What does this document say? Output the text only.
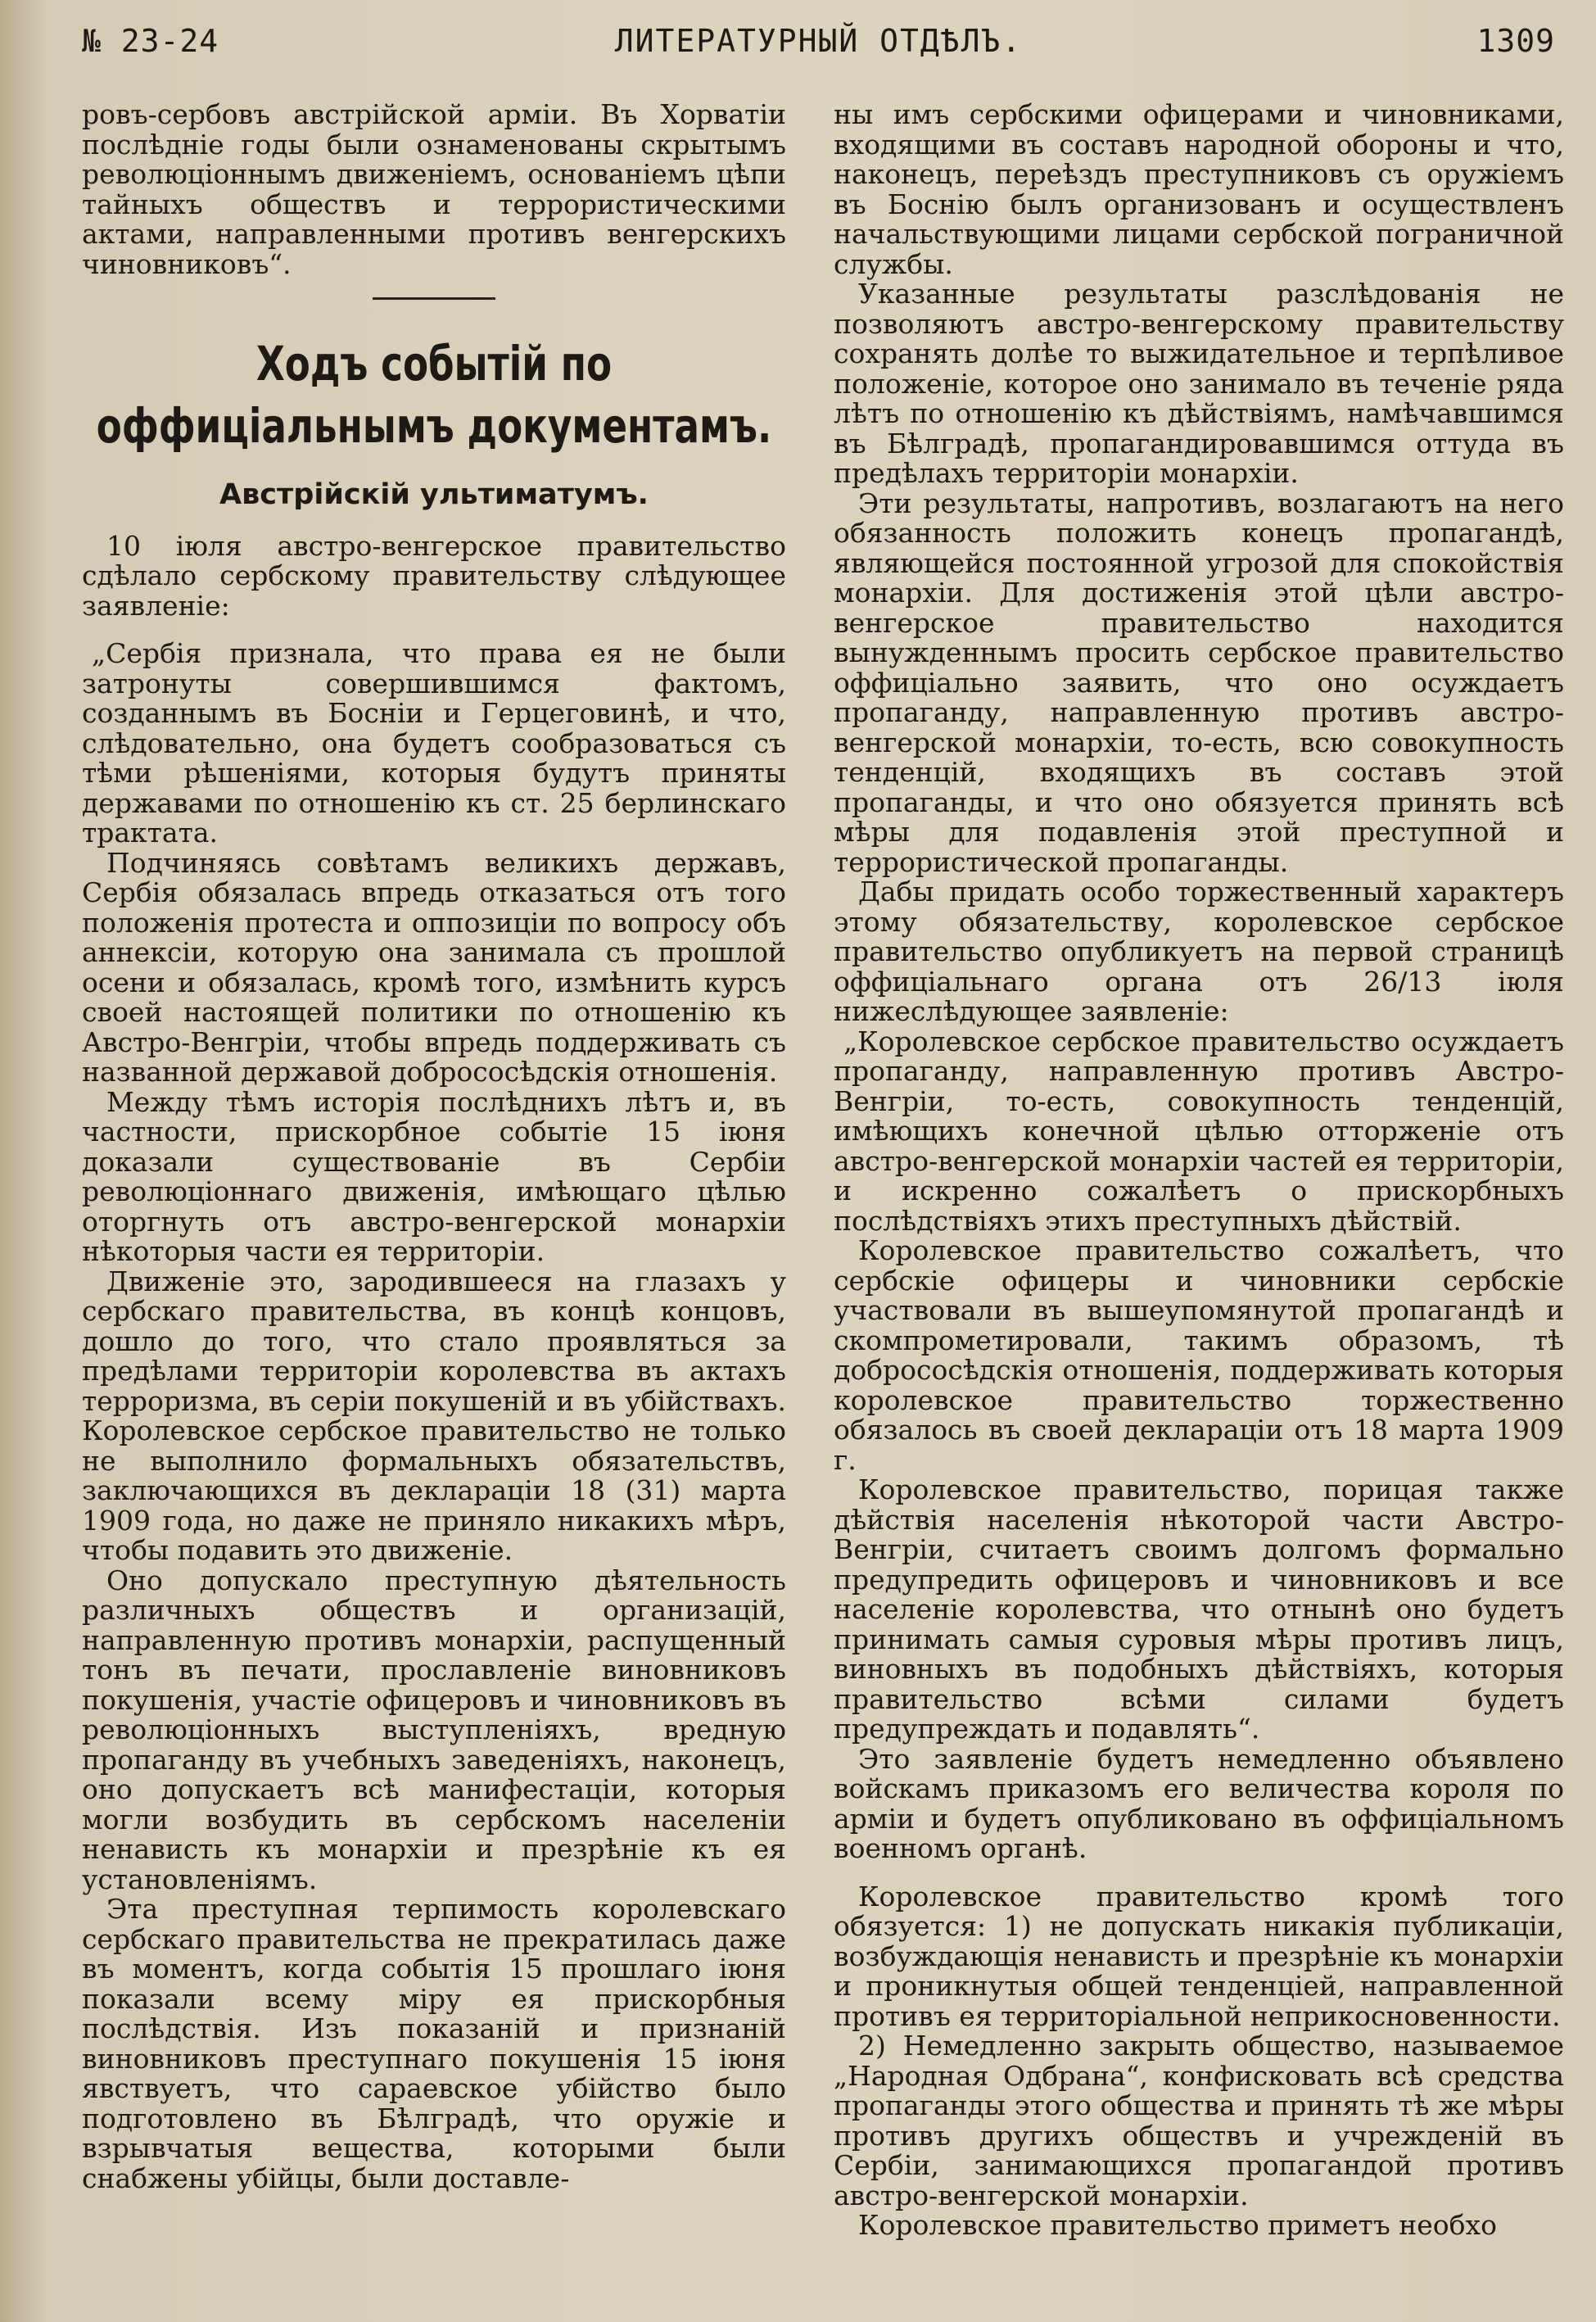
№ 23-24	ЛИТЕРАТУРНЫЙ ОТДѢЛЪ.	1309

ровъ-сербовъ австрійской арміи. Въ Хорватіи послѣдніе годы были ознаменованы скрытымъ революціоннымъ движеніемъ, основаніемъ цѣпи тайныхъ обществъ и террористическими актами, направленными противъ венгерскихъ чиновниковъ“.

Ходъ событій по оффиціальнымъ документамъ.
Австрійскій ультиматумъ.

10 іюля австро-венгерское правительство сдѣлало сербскому правительству слѣдующее заявленіе:

„Сербія признала, что права ея не были затронуты совершившимся фактомъ, созданнымъ въ Босніи и Герцеговинѣ, и что, слѣдовательно, она будетъ сообразоваться съ тѣми рѣшеніями, которыя будутъ приняты державами по отношенію къ ст. 25 берлинскаго трактата.

Подчиняясь совѣтамъ великихъ державъ, Сербія обязалась впредь отказаться отъ того положенія протеста и оппозиціи по вопросу объ аннексіи, которую она занимала съ прошлой осени и обязалась, кромѣ того, измѣнить курсъ своей настоящей политики по отношенію къ Австро-Венгріи, чтобы впредь поддерживать съ названной державой добрососѣдскія отношенія.

Между тѣмъ исторія послѣднихъ лѣтъ и, въ частности, прискорбное событіе 15 іюня доказали существованіе въ Сербіи революціоннаго движенія, имѣющаго цѣлью оторгнуть отъ австро-венгерской монархіи нѣкоторыя части ея территоріи.

Движеніе это, зародившееся на глазахъ у сербскаго правительства, въ концѣ концовъ, дошло до того, что стало проявляться за предѣлами территоріи королевства въ актахъ терроризма, въ серіи покушеній и въ убійствахъ. Королевское сербское правительство не только не выполнило формальныхъ обязательствъ, заключающихся въ декларацiи 18 (31) марта 1909 года, но даже не приняло никакихъ мѣръ, чтобы подавить это движеніе.

Оно допускало преступную дѣятельность различныхъ обществъ и организацій, направленную противъ монархіи, распущенный тонъ въ печати, прославленіе виновниковъ покушенія, участіе офицеровъ и чиновниковъ въ революціонныхъ выступленіяхъ, вредную пропаганду въ учебныхъ заведеніяхъ, наконецъ, оно допускаетъ всѣ манифестаціи, которыя могли возбудить въ сербскомъ населеніи ненависть къ монархіи и презрѣніе къ ея установленіямъ.

Эта преступная терпимость королевскаго сербскаго правительства не прекратилась даже въ моментъ, когда событія 15 прошлаго іюня показали всему міру ея прискорбныя послѣдствія. Изъ показаній и признаній виновниковъ преступнаго покушенія 15 іюня явствуетъ, что сараевское убійство было подготовлено въ Бѣлградѣ, что оружіе и взрывчатыя вещества, которыми были снабжены убійцы, были доставле-

ны имъ сербскими офицерами и чиновниками, входящими въ составъ народной обороны и что, наконецъ, переѣздъ преступниковъ съ оружіемъ въ Боснію былъ организованъ и осуществленъ начальствующими лицами сербской пограничной службы.

Указанные результаты разслѣдованія не позволяютъ австро-венгерскому правительству сохранять долѣе то выжидательное и терпѣливое положеніе, которое оно занимало въ теченіе ряда лѣтъ по отношенію къ дѣйствіямъ, намѣчавшимся въ Бѣлградѣ, пропагандировавшимся оттуда въ предѣлахъ территоріи монархіи.

Эти результаты, напротивъ, возлагаютъ на него обязанность положить конецъ пропагандѣ, являющейся постоянной угрозой для спокойствія монархіи. Для достиженія этой цѣли австро-венгерское правительство находится вынужденнымъ просить сербское правительство оффиціально заявить, что оно осуждаетъ пропаганду, направленную противъ австро-венгерской монархіи, то-есть, всю совокупность тенденцій, входящихъ въ составъ этой пропаганды, и что оно обязуется принять всѣ мѣры для подавленія этой преступной и террористической пропаганды.

Дабы придать особо торжественный характеръ этому обязательству, королевское сербское правительство опубликуетъ на первой страницѣ оффиціальнаго органа отъ 26/13 іюля нижеслѣдующее заявленіе:

„Королевское сербское правительство осуждаетъ пропаганду, направленную противъ Австро-Венгріи, то-есть, совокупность тенденцій, имѣющихъ конечной цѣлью отторженіе отъ австро-венгерской монархіи частей ея территоріи, и искренно сожалѣетъ о прискорбныхъ послѣдствіяхъ этихъ преступныхъ дѣйствій.

Королевское правительство сожалѣетъ, что сербскіе офицеры и чиновники сербскіе участвовали въ вышеупомянутой пропагандѣ и скомпрометировали, такимъ образомъ, тѣ добрососѣдскія отношенія, поддерживать которыя королевское правительство торжественно обязалось въ своей декларацiи отъ 18 марта 1909 г.

Королевское правительство, порицая также дѣйствія населенія нѣкоторой части Австро-Венгріи, считаетъ своимъ долгомъ формально предупредить офицеровъ и чиновниковъ и все населеніе королевства, что отнынѣ оно будетъ принимать самыя суровыя мѣры противъ лицъ, виновныхъ въ подобныхъ дѣйствіяхъ, которыя правительство всѣми силами будетъ предупреждать и подавлять“.

Это заявленіе будетъ немедленно объявлено войскамъ приказомъ его величества короля по арміи и будетъ опубликовано въ оффиціальномъ военномъ органѣ.

Королевское правительство кромѣ того обязуется: 1) не допускать никакія публикаціи, возбуждающія ненависть и презрѣніе къ монархіи и проникнутыя общей тенденціей, направленной противъ ея территоріальной неприкосновенности.

2) Немедленно закрыть общество, называемое „Народная Одбрана“, конфисковать всѣ средства пропаганды этого общества и принять тѣ же мѣры противъ другихъ обществъ и учрежденій въ Сербіи, занимающихся пропагандой противъ австро-венгерской монархіи.

Королевское правительство приметъ необхо
